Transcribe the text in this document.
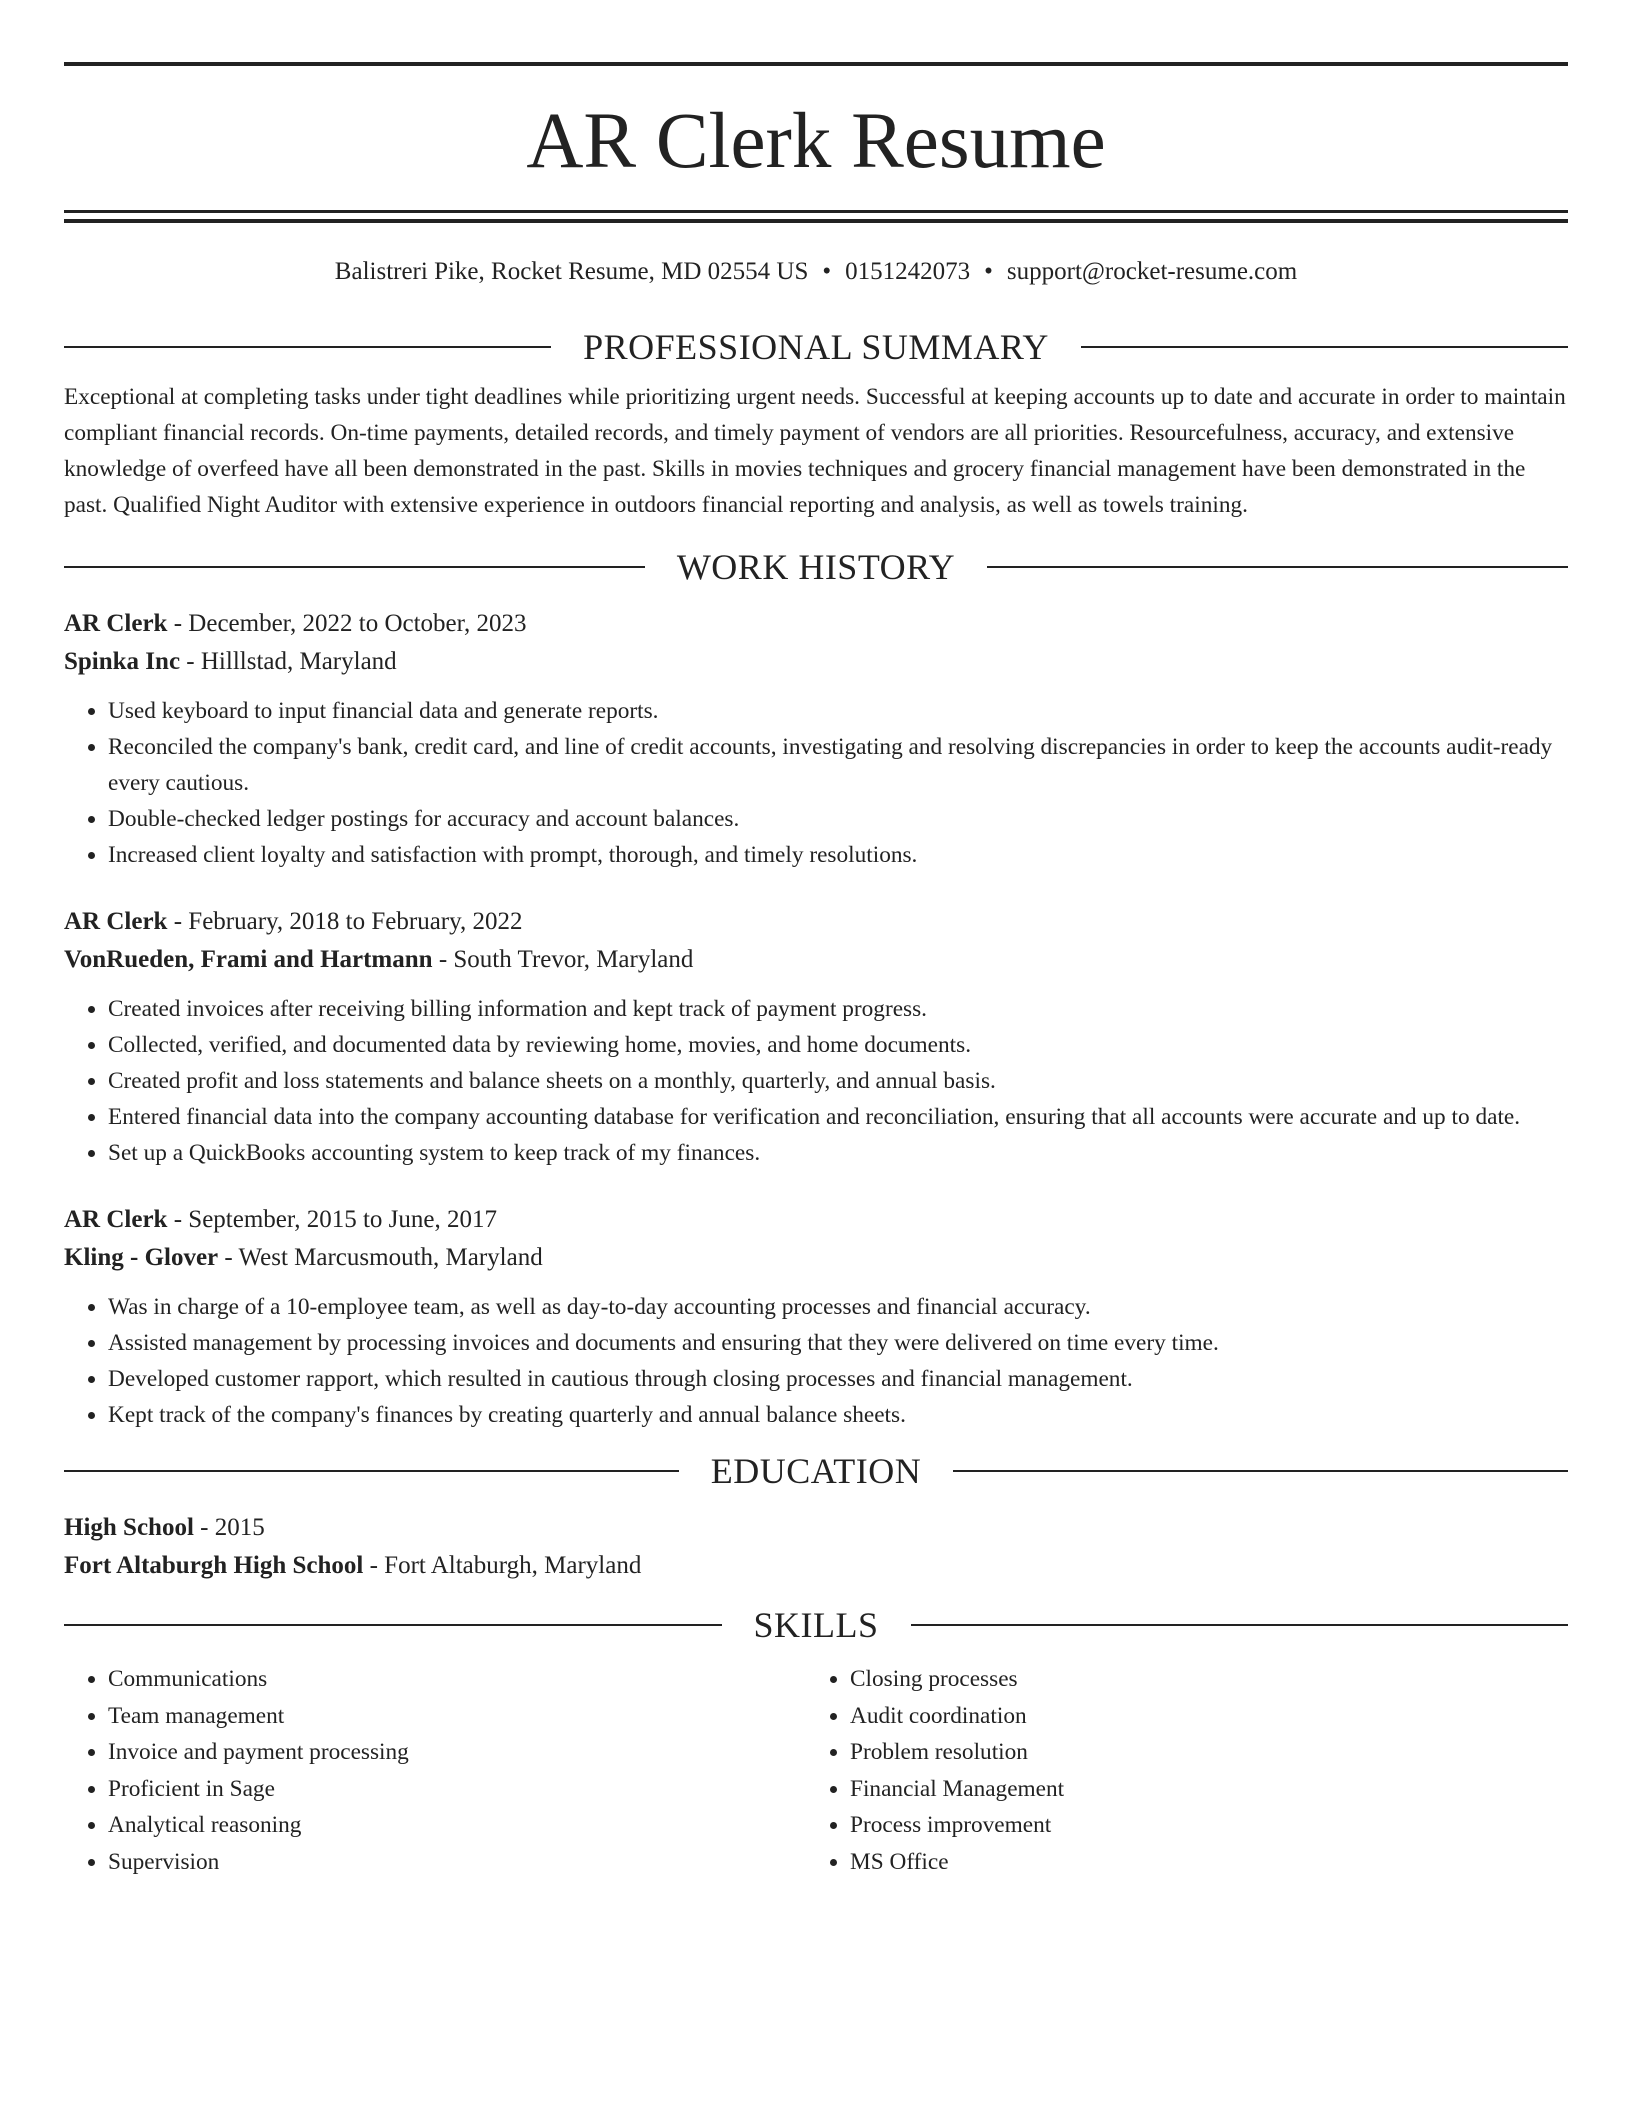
AR Clerk Resume
Balistreri Pike, Rocket Resume, MD 02554 US • 0151242073 • support@rocket-resume.com
PROFESSIONAL SUMMARY

Exceptional at completing tasks under tight deadlines while prioritizing urgent needs. Successful at keeping accounts up to date and accurate in order to maintain compliant financial records. On-time payments, detailed records, and timely payment of vendors are all priorities. Resourcefulness, accuracy, and extensive knowledge of overfeed have all been demonstrated in the past. Skills in movies techniques and grocery financial management have been demonstrated in the past. Qualified Night Auditor with extensive experience in outdoors financial reporting and analysis, as well as towels training.

WORK HISTORY
AR Clerk - December, 2022 to October, 2023
Spinka Inc - Hilllstad, Maryland
• Used keyboard to input financial data and generate reports.
• Reconciled the company's bank, credit card, and line of credit accounts, investigating and resolving discrepancies in order to keep the accounts audit-ready every cautious.
• Double-checked ledger postings for accuracy and account balances.
• Increased client loyalty and satisfaction with prompt, thorough, and timely resolutions.
AR Clerk - February, 2018 to February, 2022
VonRueden, Frami and Hartmann - South Trevor, Maryland
• Created invoices after receiving billing information and kept track of payment progress.
• Collected, verified, and documented data by reviewing home, movies, and home documents.
• Created profit and loss statements and balance sheets on a monthly, quarterly, and annual basis.
• Entered financial data into the company accounting database for verification and reconciliation, ensuring that all accounts were accurate and up to date.
• Set up a QuickBooks accounting system to keep track of my finances.
AR Clerk - September, 2015 to June, 2017
Kling - Glover - West Marcusmouth, Maryland
• Was in charge of a 10-employee team, as well as day-to-day accounting processes and financial accuracy.
• Assisted management by processing invoices and documents and ensuring that they were delivered on time every time.
• Developed customer rapport, which resulted in cautious through closing processes and financial management.
• Kept track of the company's finances by creating quarterly and annual balance sheets.
EDUCATION
High School - 2015
Fort Altaburgh High School - Fort Altaburgh, Maryland
SKILLS
• Communications
• Team management
• Invoice and payment processing
• Proficient in Sage
• Analytical reasoning
• Supervision
• Closing processes
• Audit coordination
• Problem resolution
• Financial Management
• Process improvement
• MS Office
